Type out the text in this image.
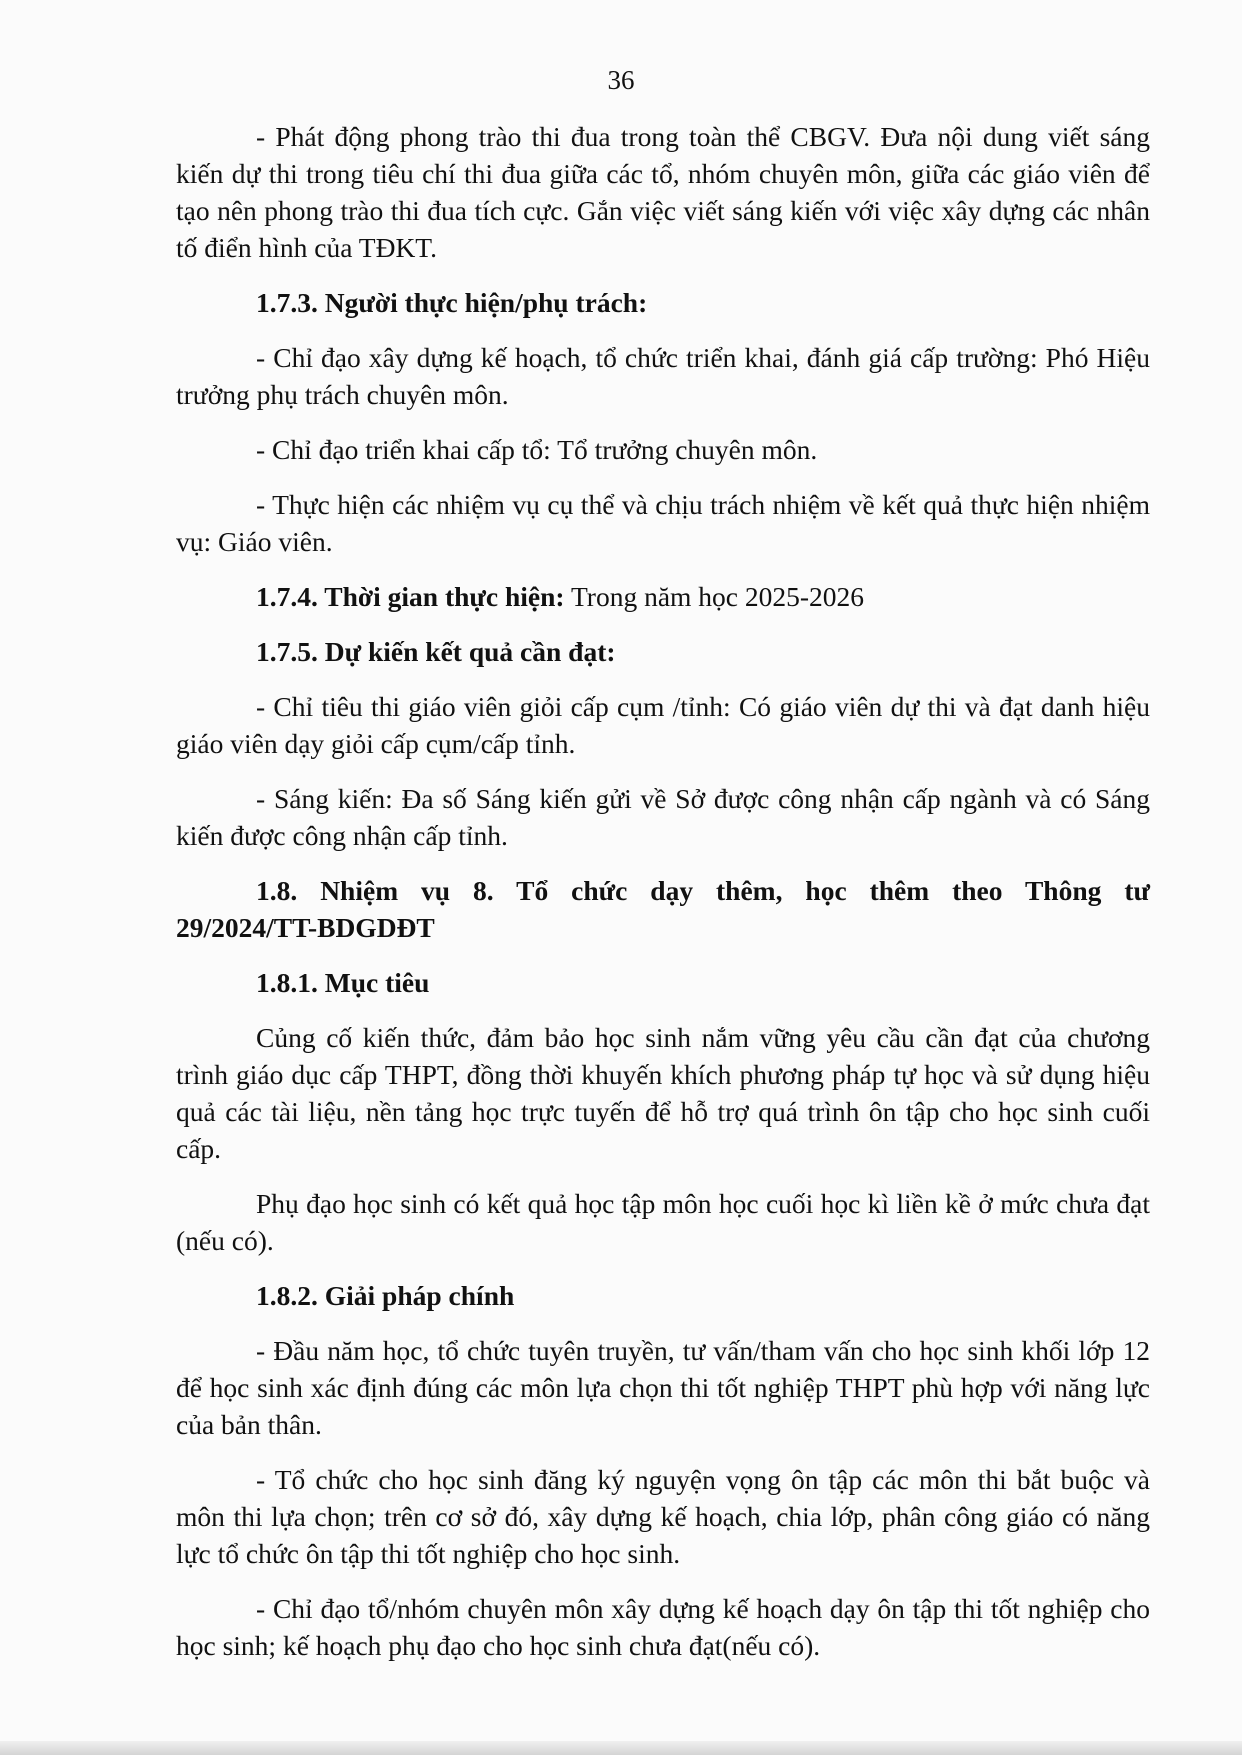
36

- Phát động phong trào thi đua trong toàn thể CBGV. Đưa nội dung viết sáng kiến dự thi trong tiêu chí thi đua giữa các tổ, nhóm chuyên môn, giữa các giáo viên để tạo nên phong trào thi đua tích cực. Gắn việc viết sáng kiến với việc xây dựng các nhân tố điển hình của TĐKT.

1.7.3. Người thực hiện/phụ trách:

- Chỉ đạo xây dựng kế hoạch, tổ chức triển khai, đánh giá cấp trường: Phó Hiệu trưởng phụ trách chuyên môn.

- Chỉ đạo triển khai cấp tổ: Tổ trưởng chuyên môn.

- Thực hiện các nhiệm vụ cụ thể và chịu trách nhiệm về kết quả thực hiện nhiệm vụ: Giáo viên.

1.7.4. Thời gian thực hiện: Trong năm học 2025-2026

1.7.5. Dự kiến kết quả cần đạt:

- Chỉ tiêu thi giáo viên giỏi cấp cụm /tỉnh: Có giáo viên dự thi và đạt danh hiệu giáo viên dạy giỏi cấp cụm/cấp tỉnh.

- Sáng kiến: Đa số Sáng kiến gửi về Sở được công nhận cấp ngành và có Sáng kiến được công nhận cấp tỉnh.

1.8. Nhiệm vụ 8. Tổ chức dạy thêm, học thêm theo Thông tư 29/2024/TT-BDGDĐT

1.8.1. Mục tiêu

Củng cố kiến thức, đảm bảo học sinh nắm vững yêu cầu cần đạt của chương trình giáo dục cấp THPT, đồng thời khuyến khích phương pháp tự học và sử dụng hiệu quả các tài liệu, nền tảng học trực tuyến để hỗ trợ quá trình ôn tập cho học sinh cuối cấp.

Phụ đạo học sinh có kết quả học tập môn học cuối học kì liền kề ở mức chưa đạt (nếu có).

1.8.2. Giải pháp chính

- Đầu năm học, tổ chức tuyên truyền, tư vấn/tham vấn cho học sinh khối lớp 12 để học sinh xác định đúng các môn lựa chọn thi tốt nghiệp THPT phù hợp với năng lực của bản thân.

- Tổ chức cho học sinh đăng ký nguyện vọng ôn tập các môn thi bắt buộc và môn thi lựa chọn; trên cơ sở đó, xây dựng kế hoạch, chia lớp, phân công giáo có năng lực tổ chức ôn tập thi tốt nghiệp cho học sinh.

- Chỉ đạo tổ/nhóm chuyên môn xây dựng kế hoạch dạy ôn tập thi tốt nghiệp cho học sinh; kế hoạch phụ đạo cho học sinh chưa đạt(nếu có).
